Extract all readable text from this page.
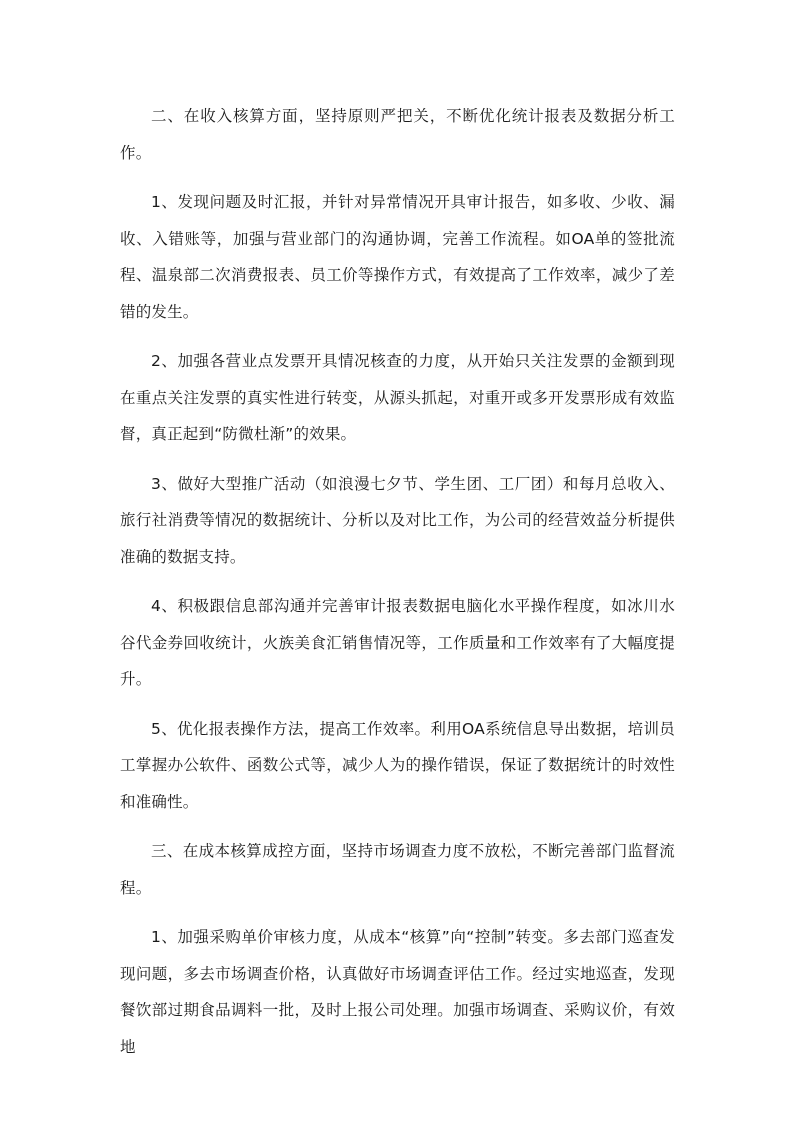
二、在收入核算方面，坚持原则严把关，不断优化统计报表及数据分析工作。

1、发现问题及时汇报，并针对异常情况开具审计报告，如多收、少收、漏收、入错账等，加强与营业部门的沟通协调，完善工作流程。如OA单的签批流程、温泉部二次消费报表、员工价等操作方式，有效提高了工作效率，减少了差错的发生。

2、加强各营业点发票开具情况核查的力度，从开始只关注发票的金额到现在重点关注发票的真实性进行转变，从源头抓起，对重开或多开发票形成有效监督，真正起到“防微杜渐”的效果。

3、做好大型推广活动（如浪漫七夕节、学生团、工厂团）和每月总收入、旅行社消费等情况的数据统计、分析以及对比工作，为公司的经营效益分析提供准确的数据支持。

4、积极跟信息部沟通并完善审计报表数据电脑化水平操作程度，如冰川水谷代金券回收统计，火族美食汇销售情况等，工作质量和工作效率有了大幅度提升。

5、优化报表操作方法，提高工作效率。利用OA系统信息导出数据，培训员工掌握办公软件、函数公式等，减少人为的操作错误，保证了数据统计的时效性和准确性。

三、在成本核算成控方面，坚持市场调查力度不放松，不断完善部门监督流程。

1、加强采购单价审核力度，从成本“核算”向“控制”转变。多去部门巡查发现问题，多去市场调查价格，认真做好市场调查评估工作。经过实地巡查，发现餐饮部过期食品调料一批，及时上报公司处理。加强市场调查、采购议价，有效地
